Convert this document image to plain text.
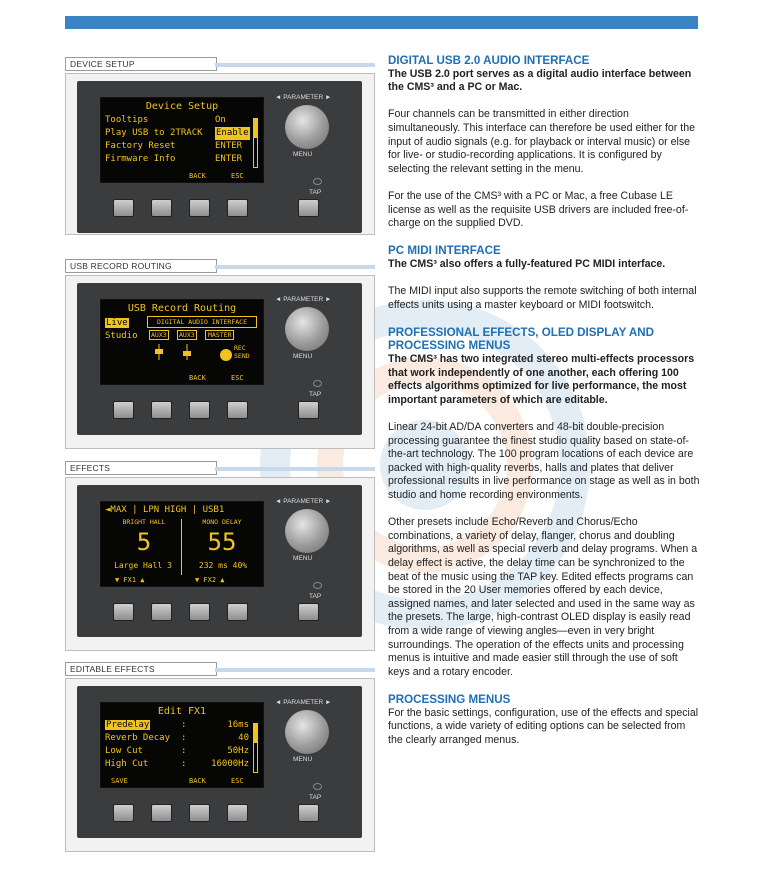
DEVICE SETUP
Device Setup
Tooltips	On
Play USB to 2TRACK Enable
Factory Reset	ENTER
Firmware Info	ENTER
BACK	ESC
◄ PARAMETER ►
MENU
TAP
USB RECORD ROUTING
USB Record Routing
Live
Studio
DIGITAL AUDIO INTERFACE
AUX3	AUX3	MASTER
REC
SEND
BACK	ESC
◄ PARAMETER ►
MENU
TAP
EFFECTS
◄MAX | LPN HIGH | USB1
BRIGHT HALL
5
Large Hall 3
MONO DELAY
55
232 ms 40%
▼ FX1 ▲	▼ FX2 ▲
◄ PARAMETER ►
MENU
TAP
EDITABLE EFFECTS
Edit FX1
Predelay	:	16ms
Reverb Decay :	40
Low Cut	:	50Hz
High Cut	:	16000Hz
SAVE	BACK	ESC
◄ PARAMETER ►
MENU
TAP
DIGITAL USB 2.0 AUDIO INTERFACE

The USB 2.0 port serves as a digital audio interface between the CMS³ and a PC or Mac.

Four channels can be transmitted in either direction simultaneously. This interface can therefore be used either for the input of audio signals (e.g. for playback or interval music) or else for live- or studio-recording applications. It is configured by selecting the relevant setting in the menu.

For the use of the CMS³ with a PC or Mac, a free Cubase LE license as well as the requisite USB drivers are included free-of-charge on the supplied DVD.

PC MIDI INTERFACE

The CMS³ also offers a fully-featured PC MIDI interface.

The MIDI input also supports the remote switching of both internal effects units using a master keyboard or MIDI footswitch.

PROFESSIONAL EFFECTS, OLED DISPLAY AND PROCESSING MENUS

The CMS³ has two integrated stereo multi-effects processors that work independently of one another, each offering 100 effects algorithms optimized for live performance, the most important parameters of which are editable.

Linear 24-bit AD/DA converters and 48-bit double-precision processing guarantee the finest studio quality based on state-of-the-art technology. The 100 program locations of each device are packed with high-quality reverbs, halls and plates that deliver professional results in live performance on stage as well as in both studio and home recording environments.

Other presets include Echo/Reverb and Chorus/Echo combinations, a variety of delay, flanger, chorus and doubling algorithms, as well as special reverb and delay programs. When a delay effect is active, the delay time can be synchronized to the beat of the music using the TAP key. Edited effects programs can be stored in the 20 User memories offered by each device, assigned names, and later selected and used in the same way as the presets. The large, high-contrast OLED display is easily read from a wide range of viewing angles—even in very bright surroundings. The operation of the effects units and processing menus is intuitive and made easier still through the use of soft keys and a rotary encoder.

PROCESSING MENUS

For the basic settings, configuration, use of the effects and special functions, a wide variety of editing options can be selected from the clearly arranged menus.
